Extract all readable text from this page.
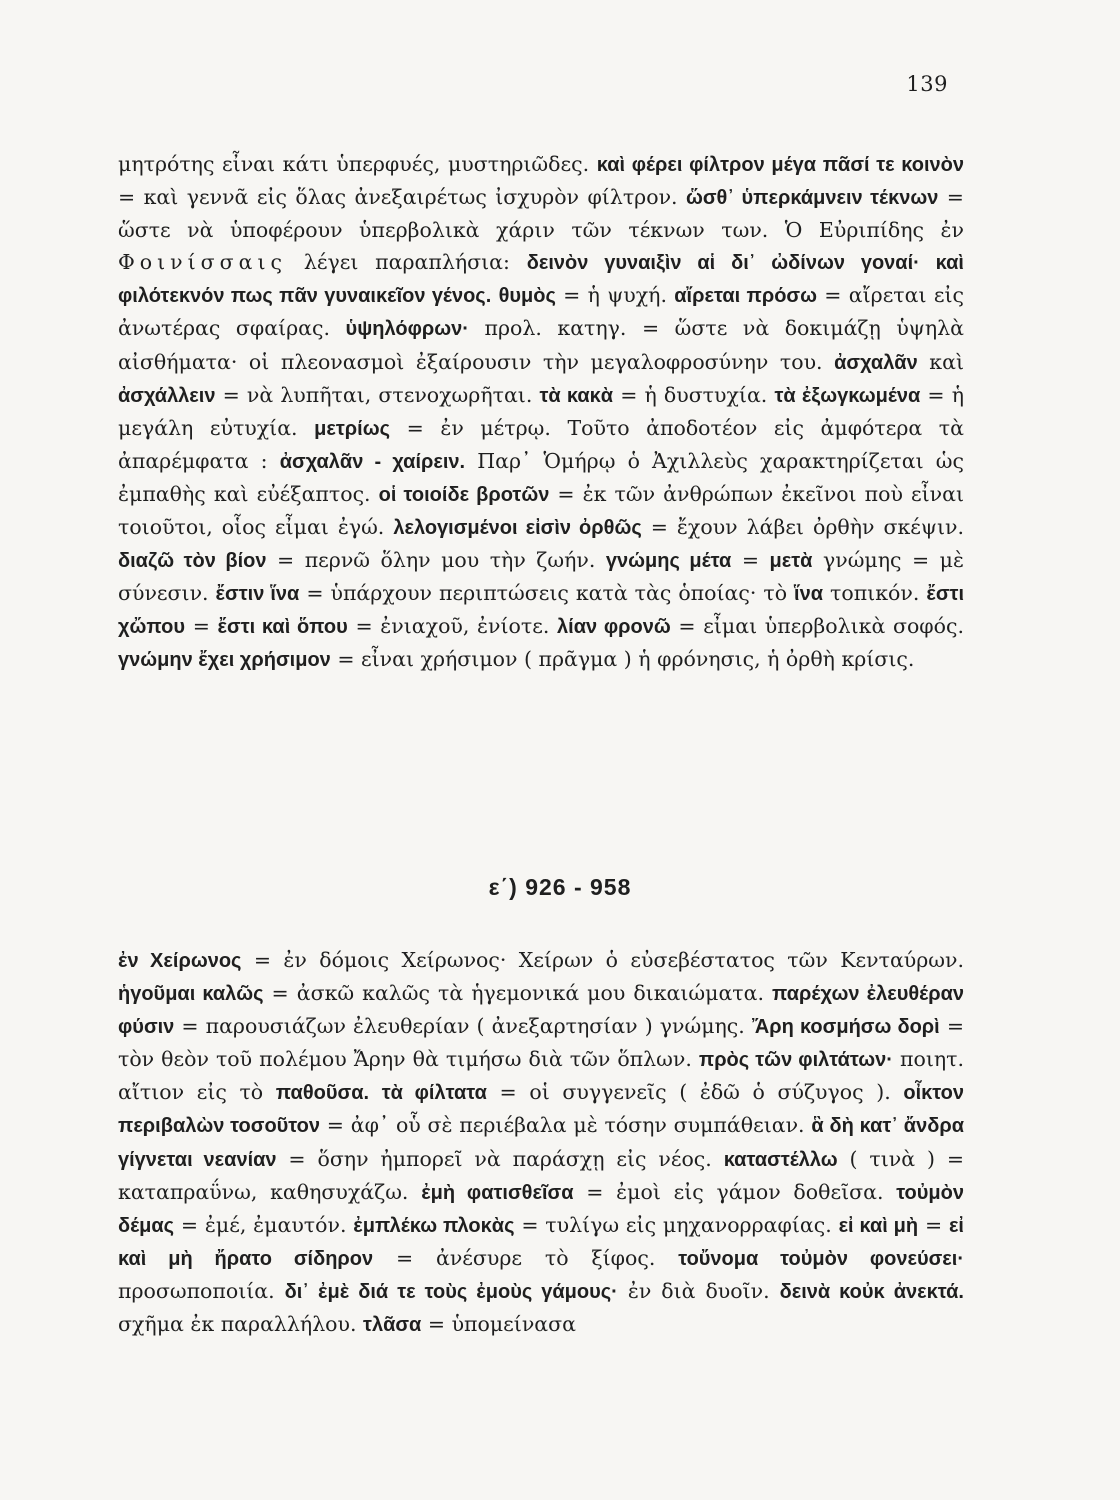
139

μητρότης εἶναι κάτι ὑπερφυές, μυστηριῶδες. καὶ φέρει φίλτρον μέγα πᾶσί τε κοινὸν = καὶ γεννᾶ εἰς ὅλας ἀνεξαιρέτως ἰσχυρὸν φίλτρον. ὥσθ᾽ ὑπερκάμνειν τέκνων = ὥστε νὰ ὑποφέρουν ὑπερβολικὰ χάριν τῶν τέκνων των. Ὁ Εὐριπίδης ἐν Φοινίσσαις λέγει παραπλήσια: δεινὸν γυναιξὶν αἱ δι᾽ ὠδίνων γοναί· καὶ φιλότεκνόν πως πᾶν γυναικεῖον γένος. θυμὸς = ἡ ψυχή. αἴρεται πρόσω = αἴρεται εἰς ἀνωτέρας σφαίρας. ὑψηλόφρων· προλ. κατηγ. = ὥστε νὰ δοκιμάζῃ ὑψηλὰ αἰσθήματα· οἱ πλεονασμοὶ ἐξαίρουσιν τὴν μεγαλοφροσύνην του. ἀσχαλᾶν καὶ ἀσχάλλειν = νὰ λυπῆται, στενοχωρῆται. τὰ κακὰ = ἡ δυστυχία. τὰ ἐξωγκωμένα = ἡ μεγάλη εὐτυχία. μετρίως = ἐν μέτρῳ. Τοῦτο ἀποδοτέον εἰς ἀμφότερα τὰ ἀπαρέμφατα : ἀσχαλᾶν - χαίρειν. Παρ᾽ Ὁμήρῳ ὁ Ἀχιλλεὺς χαρακτηρίζεται ὡς ἐμπαθὴς καὶ εὐέξαπτος. οἱ τοιοίδε βροτῶν = ἐκ τῶν ἀνθρώπων ἐκεῖνοι ποὺ εἶναι τοιοῦτοι, οἷος εἶμαι ἐγώ. λελογισμένοι εἰσὶν ὀρθῶς = ἔχουν λάβει ὀρθὴν σκέψιν. διαζῶ τὸν βίον = περνῶ ὅλην μου τὴν ζωήν. γνώμης μέτα = μετὰ γνώμης = μὲ σύνεσιν. ἔστιν ἵνα = ὑπάρχουν περιπτώσεις κατὰ τὰς ὁποίας· τὸ ἵνα τοπικόν. ἔστι χὤπου = ἔστι καὶ ὅπου = ἐνιαχοῦ, ἐνίοτε. λίαν φρονῶ = εἶμαι ὑπερβολικὰ σοφός. γνώμην ἔχει χρήσιμον = εἶναι χρήσιμον ( πρᾶγμα ) ἡ φρόνησις, ἡ ὀρθὴ κρίσις.

ε΄) 926 - 958

ἐν Χείρωνος = ἐν δόμοις Χείρωνος· Χείρων ὁ εὐσεβέστατος τῶν Κενταύρων. ἡγοῦμαι καλῶς = ἀσκῶ καλῶς τὰ ἡγεμονικά μου δικαιώματα. παρέχων ἐλευθέραν φύσιν = παρουσιάζων ἐλευθερίαν ( ἀνεξαρτησίαν ) γνώμης. Ἄρη κοσμήσω δορὶ = τὸν θεὸν τοῦ πολέμου Ἄρην θὰ τιμήσω διὰ τῶν ὅπλων. πρὸς τῶν φιλτάτων· ποιητ. αἴτιον εἰς τὸ παθοῦσα. τὰ φίλτατα = οἱ συγγενεῖς ( ἐδῶ ὁ σύζυγος ). οἶκτον περιβαλὼν τοσοῦτον = ἀφ᾽ οὗ σὲ περιέβαλα μὲ τόσην συμπάθειαν. ἃ δὴ κατ᾽ ἄνδρα γίγνεται νεανίαν = ὅσην ἠμπορεῖ νὰ παράσχῃ εἰς νέος. καταστέλλω ( τινὰ ) = καταπραΰνω, καθησυχάζω. ἐμὴ φατισθεῖσα = ἐμοὶ εἰς γάμον δοθεῖσα. τοὐμὸν δέμας = ἐμέ, ἐμαυτόν. ἐμπλέκω πλοκὰς = τυλίγω εἰς μηχανορραφίας. εἰ καὶ μὴ = εἰ καὶ μὴ ἤρατο σίδηρον = ἀνέσυρε τὸ ξίφος. τοὔνομα τοὐμὸν φονεύσει· προσωποποιία. δι᾽ ἐμὲ διά τε τοὺς ἐμοὺς γάμους· ἐν διὰ δυοῖν. δεινὰ κοὐκ ἀνεκτά. σχῆμα ἐκ παραλλήλου. τλᾶσα = ὑπομείνασα
